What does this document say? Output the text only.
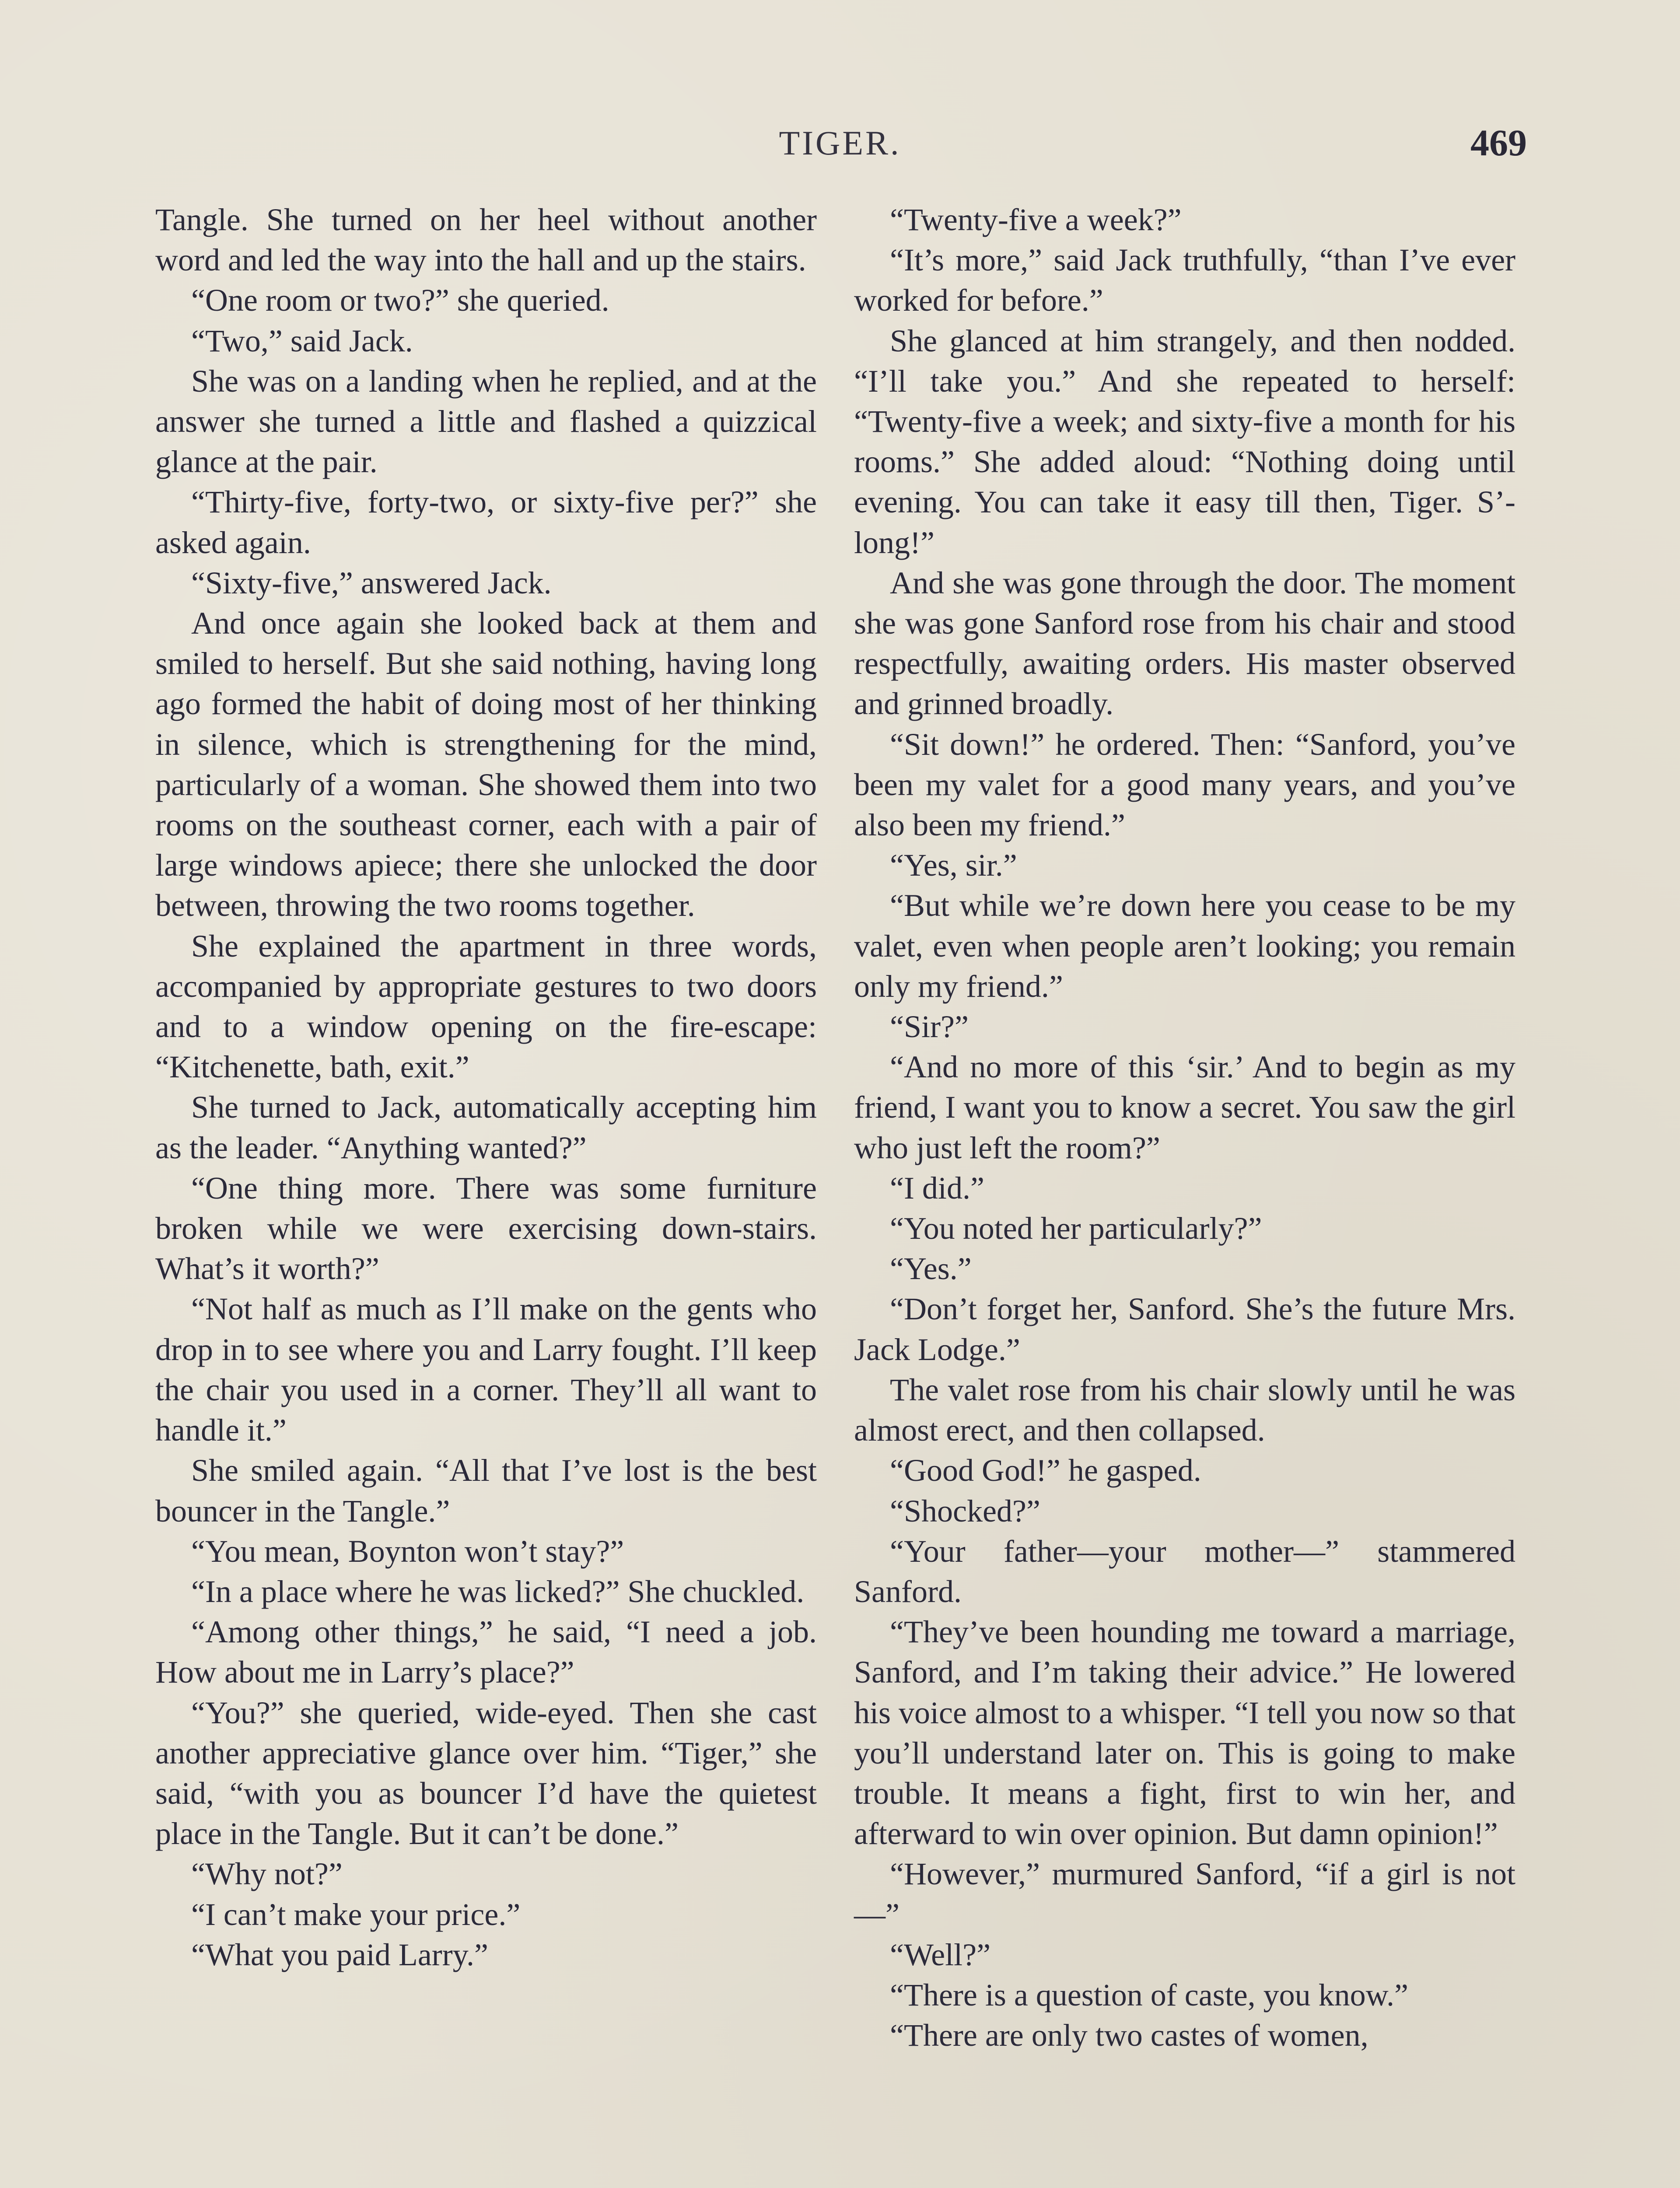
TIGER.	469

Tangle. She turned on her heel without another word and led the way into the hall and up the stairs.

“One room or two?” she queried.

“Two,” said Jack.

She was on a landing when he replied, and at the answer she turned a little and flashed a quizzical glance at the pair.

“Thirty-five, forty-two, or sixty-five per?” she asked again.

“Sixty-five,” answered Jack.

And once again she looked back at them and smiled to herself. But she said nothing, having long ago formed the habit of doing most of her thinking in silence, which is strengthening for the mind, particularly of a woman. She showed them into two rooms on the southeast corner, each with a pair of large windows apiece; there she unlocked the door between, throwing the two rooms together.

She explained the apartment in three words, accompanied by appropriate gestures to two doors and to a window opening on the fire-escape: “Kitchenette, bath, exit.”

She turned to Jack, automatically accepting him as the leader. “Anything wanted?”

“One thing more. There was some furniture broken while we were exercising down-stairs. What’s it worth?”

“Not half as much as I’ll make on the gents who drop in to see where you and Larry fought. I’ll keep the chair you used in a corner. They’ll all want to handle it.”

She smiled again. “All that I’ve lost is the best bouncer in the Tangle.”

“You mean, Boynton won’t stay?”

“In a place where he was licked?” She chuckled.

“Among other things,” he said, “I need a job. How about me in Larry’s place?”

“You?” she queried, wide-eyed. Then she cast another appreciative glance over him. “Tiger,” she said, “with you as bouncer I’d have the quietest place in the Tangle. But it can’t be done.”

“Why not?”

“I can’t make your price.”

“What you paid Larry.”

“Twenty-five a week?”

“It’s more,” said Jack truthfully, “than I’ve ever worked for before.”

She glanced at him strangely, and then nodded. “I’ll take you.” And she repeated to herself: “Twenty-five a week; and sixty-five a month for his rooms.” She added aloud: “Nothing doing until evening. You can take it easy till then, Tiger. S’-long!”

And she was gone through the door. The moment she was gone Sanford rose from his chair and stood respectfully, awaiting orders. His master observed and grinned broadly.

“Sit down!” he ordered. Then: “Sanford, you’ve been my valet for a good many years, and you’ve also been my friend.”

“Yes, sir.”

“But while we’re down here you cease to be my valet, even when people aren’t looking; you remain only my friend.”

“Sir?”

“And no more of this ‘sir.’ And to begin as my friend, I want you to know a secret. You saw the girl who just left the room?”

“I did.”

“You noted her particularly?”

“Yes.”

“Don’t forget her, Sanford. She’s the future Mrs. Jack Lodge.”

The valet rose from his chair slowly until he was almost erect, and then collapsed.

“Good God!” he gasped.

“Shocked?”

“Your father—your mother—” stammered Sanford.

“They’ve been hounding me toward a marriage, Sanford, and I’m taking their advice.” He lowered his voice almost to a whisper. “I tell you now so that you’ll understand later on. This is going to make trouble. It means a fight, first to win her, and afterward to win over opinion. But damn opinion!”

“However,” murmured Sanford, “if a girl is not—”

“Well?”

“There is a question of caste, you know.”

“There are only two castes of women,
